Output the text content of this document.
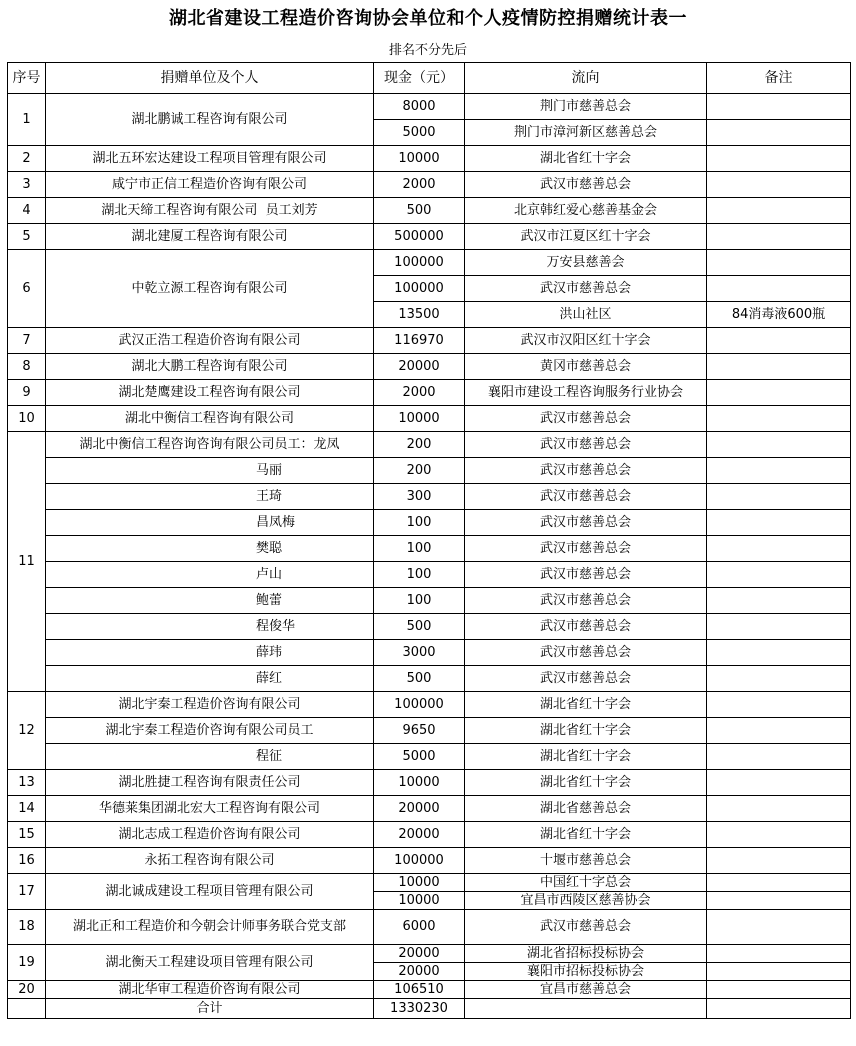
湖北省建设工程造价咨询协会单位和个人疫情防控捐赠统计表一
排名不分先后
序号	捐赠单位及个人	现金（元）	流向	备注
1	湖北鹏诚工程咨询有限公司	8000	荆门市慈善总会	
		5000	荆门市漳河新区慈善总会	
2	湖北五环宏达建设工程项目管理有限公司	10000	湖北省红十字会	
3	咸宁市正信工程造价咨询有限公司	2000	武汉市慈善总会	
4	湖北天缔工程咨询有限公司  员工刘芳	500	北京韩红爱心慈善基金会	
5	湖北建厦工程咨询有限公司	500000	武汉市江夏区红十字会	
6	中乾立源工程咨询有限公司	100000	万安县慈善会	
		100000	武汉市慈善总会	
		13500	洪山社区	84消毒液600瓶
7	武汉正浩工程造价咨询有限公司	116970	武汉市汉阳区红十字会	
8	湖北大鹏工程咨询有限公司	20000	黄冈市慈善总会	
9	湖北楚鹰建设工程咨询有限公司	2000	襄阳市建设工程咨询服务行业协会	
10	湖北中衡信工程咨询有限公司	10000	武汉市慈善总会	
11	湖北中衡信工程咨询咨询有限公司员工：龙凤	200	武汉市慈善总会	
	马丽	200	武汉市慈善总会	
	王琦	300	武汉市慈善总会	
	昌凤梅	100	武汉市慈善总会	
	樊聪	100	武汉市慈善总会	
	卢山	100	武汉市慈善总会	
	鲍蕾	100	武汉市慈善总会	
	程俊华	500	武汉市慈善总会	
	薛玮	3000	武汉市慈善总会	
	薛红	500	武汉市慈善总会	
12	湖北宇秦工程造价咨询有限公司	100000	湖北省红十字会	
	湖北宇秦工程造价咨询有限公司员工	9650	湖北省红十字会	
	程征	5000	湖北省红十字会	
13	湖北胜捷工程咨询有限责任公司	10000	湖北省红十字会	
14	华德莱集团湖北宏大工程咨询有限公司	20000	湖北省慈善总会	
15	湖北志成工程造价咨询有限公司	20000	湖北省红十字会	
16	永拓工程咨询有限公司	100000	十堰市慈善总会	
17	湖北诚成建设工程项目管理有限公司	10000	中国红十字总会	
		10000	宜昌市西陵区慈善协会	
18	湖北正和工程造价和今朝会计师事务联合党支部	6000	武汉市慈善总会	
19	湖北衡天工程建设项目管理有限公司	20000	湖北省招标投标协会	
		20000	襄阳市招标投标协会	
20	湖北华审工程造价咨询有限公司	106510	宜昌市慈善总会	
	合计	1330230		
